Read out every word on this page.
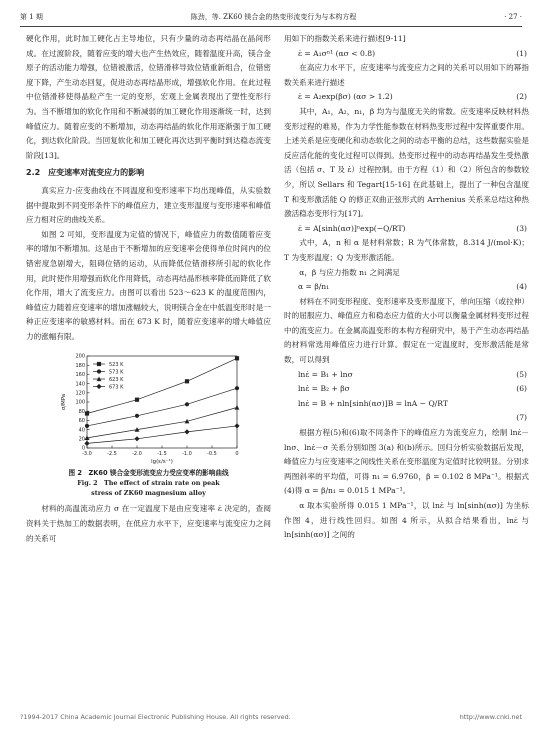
第 1 期	陈劲，等. ZK60 镁合金的热变形流变行为与本构方程	· 27 ·

硬化作用，此时加工硬化占主导地位，只有少量的动态再结晶在晶间形成。在过渡阶段，随着应变的增大也产生热效应，随着温度升高，镁合金原子的活动能力增强，位错被激活，位错滑移导致位错重新组合，位错密度下降，产生动态回复，促进动态再结晶形成，增强软化作用。在此过程中位错滑移使得晶粒产生一定的变形，宏观上金属表现出了塑性变形行为。当不断增加的软化作用和不断减弱的加工硬化作用逐渐统一时，达到峰值应力。随着应变的不断增加，动态再结晶的软化作用逐渐强于加工硬化，到达软化阶段。当回复软化和加工硬化再次达到平衡时到达稳态流变阶段[13]。

2.2　应变速率对流变应力的影响

真实应力-应变曲线在不同温度和变形速率下均出现峰值，从实验数据中提取到不同变形条件下的峰值应力，建立变形温度与变形速率和峰值应力相对应的曲线关系。

如图 2 可知，变形温度为定值的情况下，峰值应力的数值随着应变率的增加不断增加。这是由于不断增加的应变速率会使得单位时间内的位错密度急剧增大，阻碍位错的运动，从而降低位错滑移所引起的软化作用，此时使作用增强而软化作用降低，动态再结晶形核率降低而降低了软化作用，增大了流变应力。由图可以看出 523～623 K 的温度范围内，峰值应力随着应变速率的增加涨幅较大，说明镁合金在中低温变形时是一种正应变速率的敏感材料。而在 673 K 时，随着应变速率的增大峰值应力的涨幅有限。

-3.0	-2.5	-2.0	-1.5	-1.0	-0.5	0
0
20
40
60
80
100
120
140
160
180
200
lg(ε/s⁻¹)
σ/MPa
523 K
573 K
623 K
673 K
图 2　ZK60 镁合金变形流变应力受应变率的影响曲线
Fig. 2　The effect of strain rate on peak
stress of ZK60 magnesium alloy

材料的高温流动应力 σ 在一定温度下是由应变速率 ε̇ 决定的，查阅资料关于热加工的数据表明，在低应力水平下，应变速率与流变应力之间的关系可

用如下的指数关系来进行描述[9-11]

ε̇ = A₁σⁿ¹ (ασ < 0.8)	(1)

在高应力水平下，应变速率与流变应力之间的关系可以用如下的幂指数关系来进行描述

ε̇ = A₂exp(βσ) (ασ > 1.2)	(2)

其中，A₁，A₂，n₁，β 均为与温度无关的常数。应变速率反映材料热变形过程的难易，作为力学性能参数在材料热变形过程中发挥重要作用。上述关系是应变硬化和动态软化之间的动态平衡的总结，这些数据实验是反应活化能的变化过程可以得到。热变形过程中的动态再结晶发生受热激活（包括 σ、T 及 ε̇）过程控制。由于方程（1）和（2）所包含的参数较少，所以 Sellars 和 Tegart[15-16] 在此基础上，提出了一种包含温度 T 和变形激活能 Q 的修正双曲正弦形式的 Arrhenius 关系来总结这种热激活稳态变形行为[17]。

ε̇ = A[sinh(ασ)]ⁿexp(−Q/RT)	(3)

式中，A，n 和 α 是材料常数；R 为气体常数，8.314 J/(mol·K)；T 为变形温度；Q 为变形激活能。

α，β 与应力指数 n₁ 之间满足

α = β/n₁	(4)

材料在不同变形程度、变形速率及变形温度下，单向压缩（或拉伸）时的屈服应力、峰值应力和稳态应力值的大小可以衡量金属材料变形过程中的流变应力。在金属高温变形的本构方程研究中，易于产生动态再结晶的材料常选用峰值应力进行计算。假定在一定温度时，变形激活能是常数，可以得到

lnε̇ = B₁ + lnσ	(5)
lnε̇ = B₂ + βσ	(6)
lnε̇ = B + nln[sinh(ασ)]B = lnA − Q/RT
(7)

根据方程(5)和(6)取不同条件下的峰值应力为流变应力，绘制 lnε̇－lnσ、lnε̇－σ 关系分别如图 3(a) 和(b)所示。回归分析实验数据后发现，峰值应力与应变速率之间线性关系在变形温度为定值时比较明显。分别求两图斜率的平均值，可得 n₁ = 6.9760，β = 0.102 8 MPa⁻¹。根据式(4)得 α = β/n₁ = 0.015 1 MPa⁻¹。

α 取本实验所得 0.015 1 MPa⁻¹，以 lnε̇ 与 ln[sinh(ασ)] 为坐标作图 4，进行线性回归。如图 4 所示，从拟合结果看出，lnε̇ 与 ln[sinh(ασ)] 之间的

?1994-2017 China Academic Journal Electronic Publishing House. All rights reserved.	http://www.cnki.net
